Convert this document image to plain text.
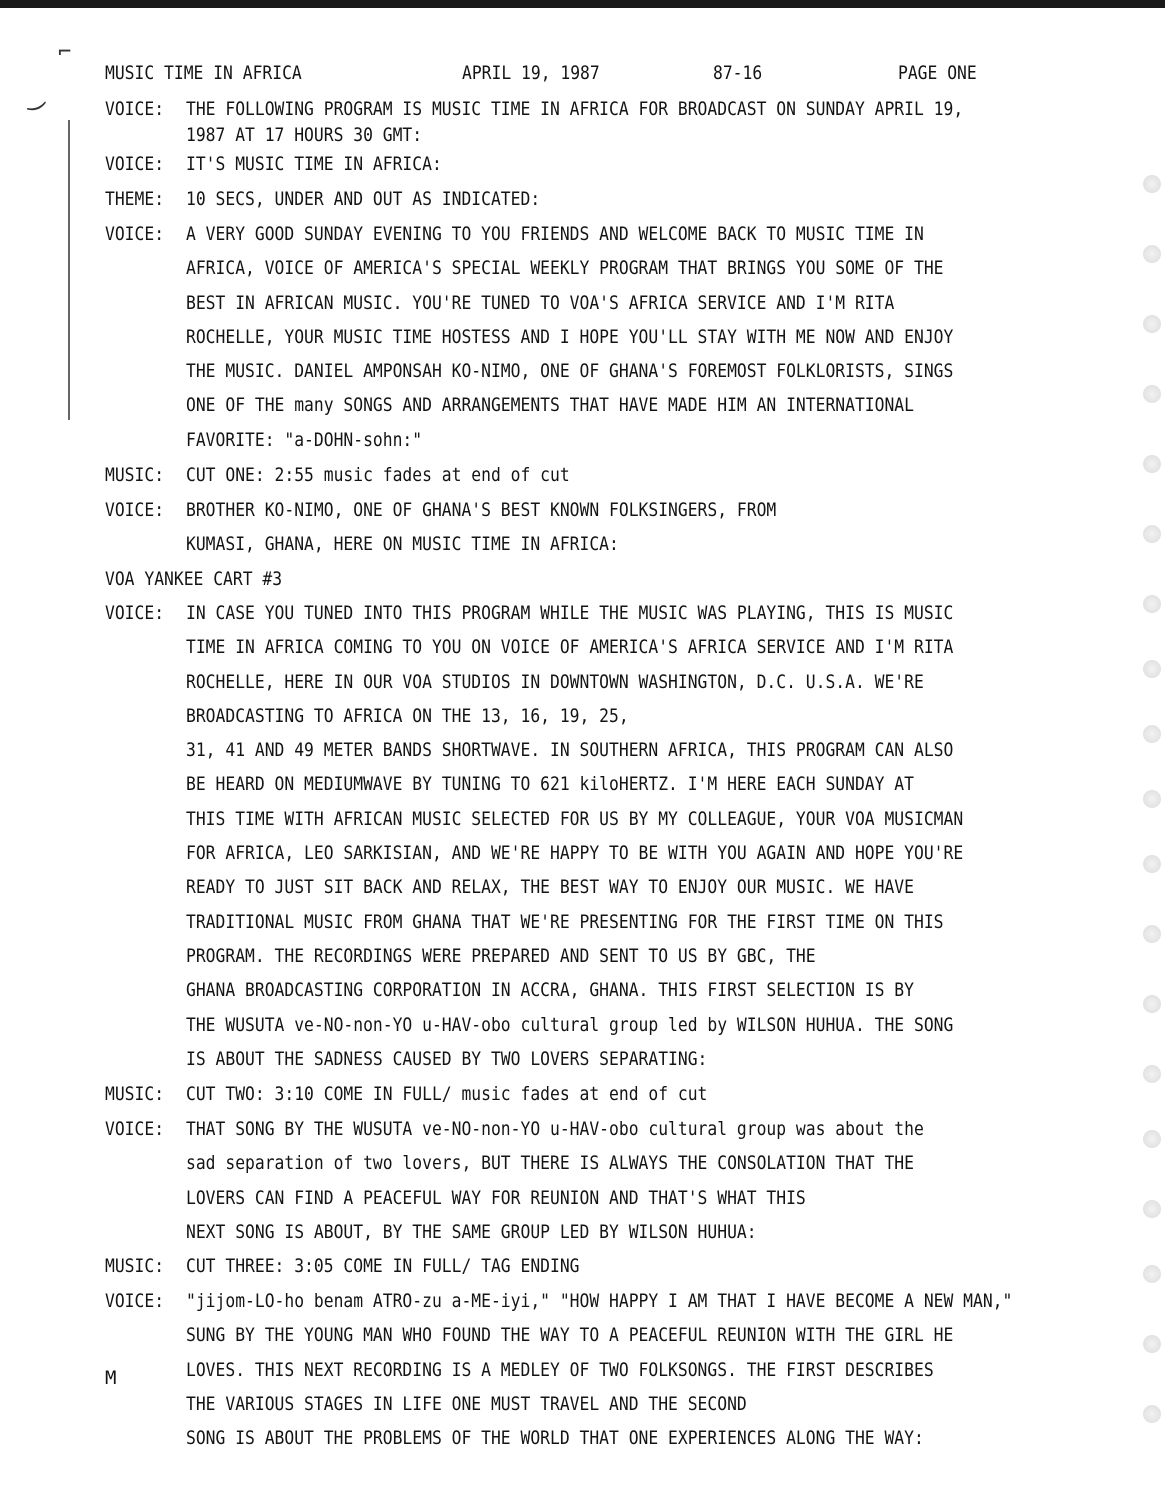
⌐
)
MUSIC TIME IN AFRICA	APRIL 19, 1987	87-16	PAGE ONE
VOICE: THE FOLLOWING PROGRAM IS MUSIC TIME IN AFRICA FOR BROADCAST ON SUNDAY APRIL 19,
1987 AT 17 HOURS 30 GMT:
VOICE: IT'S MUSIC TIME IN AFRICA:
THEME: 10 SECS, UNDER AND OUT AS INDICATED:
VOICE: A VERY GOOD SUNDAY EVENING TO YOU FRIENDS AND WELCOME BACK TO MUSIC TIME IN
AFRICA, VOICE OF AMERICA'S SPECIAL WEEKLY PROGRAM THAT BRINGS YOU SOME OF THE
BEST IN AFRICAN MUSIC. YOU'RE TUNED TO VOA'S AFRICA SERVICE AND I'M RITA
ROCHELLE, YOUR MUSIC TIME HOSTESS AND I HOPE YOU'LL STAY WITH ME NOW AND ENJOY
THE MUSIC. DANIEL AMPONSAH KO-NIMO, ONE OF GHANA'S FOREMOST FOLKLORISTS, SINGS
ONE OF THE many SONGS AND ARRANGEMENTS THAT HAVE MADE HIM AN INTERNATIONAL
FAVORITE: "a-DOHN-sohn:"
MUSIC: CUT ONE: 2:55 music fades at end of cut
VOICE: BROTHER KO-NIMO, ONE OF GHANA'S BEST KNOWN FOLKSINGERS, FROM
KUMASI, GHANA, HERE ON MUSIC TIME IN AFRICA:
VOA YANKEE CART #3
VOICE: IN CASE YOU TUNED INTO THIS PROGRAM WHILE THE MUSIC WAS PLAYING, THIS IS MUSIC
TIME IN AFRICA COMING TO YOU ON VOICE OF AMERICA'S AFRICA SERVICE AND I'M RITA
ROCHELLE, HERE IN OUR VOA STUDIOS IN DOWNTOWN WASHINGTON, D.C. U.S.A. WE'RE
BROADCASTING TO AFRICA ON THE 13, 16, 19, 25,
31, 41 AND 49 METER BANDS SHORTWAVE. IN SOUTHERN AFRICA, THIS PROGRAM CAN ALSO
BE HEARD ON MEDIUMWAVE BY TUNING TO 621 kiloHERTZ. I'M HERE EACH SUNDAY AT
THIS TIME WITH AFRICAN MUSIC SELECTED FOR US BY MY COLLEAGUE, YOUR VOA MUSICMAN
FOR AFRICA, LEO SARKISIAN, AND WE'RE HAPPY TO BE WITH YOU AGAIN AND HOPE YOU'RE
READY TO JUST SIT BACK AND RELAX, THE BEST WAY TO ENJOY OUR MUSIC. WE HAVE
TRADITIONAL MUSIC FROM GHANA THAT WE'RE PRESENTING FOR THE FIRST TIME ON THIS
PROGRAM. THE RECORDINGS WERE PREPARED AND SENT TO US BY GBC, THE
GHANA BROADCASTING CORPORATION IN ACCRA, GHANA. THIS FIRST SELECTION IS BY
THE WUSUTA ve-NO-non-YO u-HAV-obo cultural group led by WILSON HUHUA. THE SONG
IS ABOUT THE SADNESS CAUSED BY TWO LOVERS SEPARATING:
MUSIC: CUT TWO: 3:10 COME IN FULL/ music fades at end of cut
VOICE: THAT SONG BY THE WUSUTA ve-NO-non-YO u-HAV-obo cultural group was about the
sad separation of two lovers, BUT THERE IS ALWAYS THE CONSOLATION THAT THE
LOVERS CAN FIND A PEACEFUL WAY FOR REUNION AND THAT'S WHAT THIS
NEXT SONG IS ABOUT, BY THE SAME GROUP LED BY WILSON HUHUA:
MUSIC: CUT THREE: 3:05 COME IN FULL/ TAG ENDING
VOICE: "jijom-LO-ho benam ATRO-zu a-ME-iyi," "HOW HAPPY I AM THAT I HAVE BECOME A NEW MAN,"
SUNG BY THE YOUNG MAN WHO FOUND THE WAY TO A PEACEFUL REUNION WITH THE GIRL HE
LOVES. THIS NEXT RECORDING IS A MEDLEY OF TWO FOLKSONGS. THE FIRST DESCRIBES
THE VARIOUS STAGES IN LIFE ONE MUST TRAVEL AND THE SECOND
SONG IS ABOUT THE PROBLEMS OF THE WORLD THAT ONE EXPERIENCES ALONG THE WAY:
M
